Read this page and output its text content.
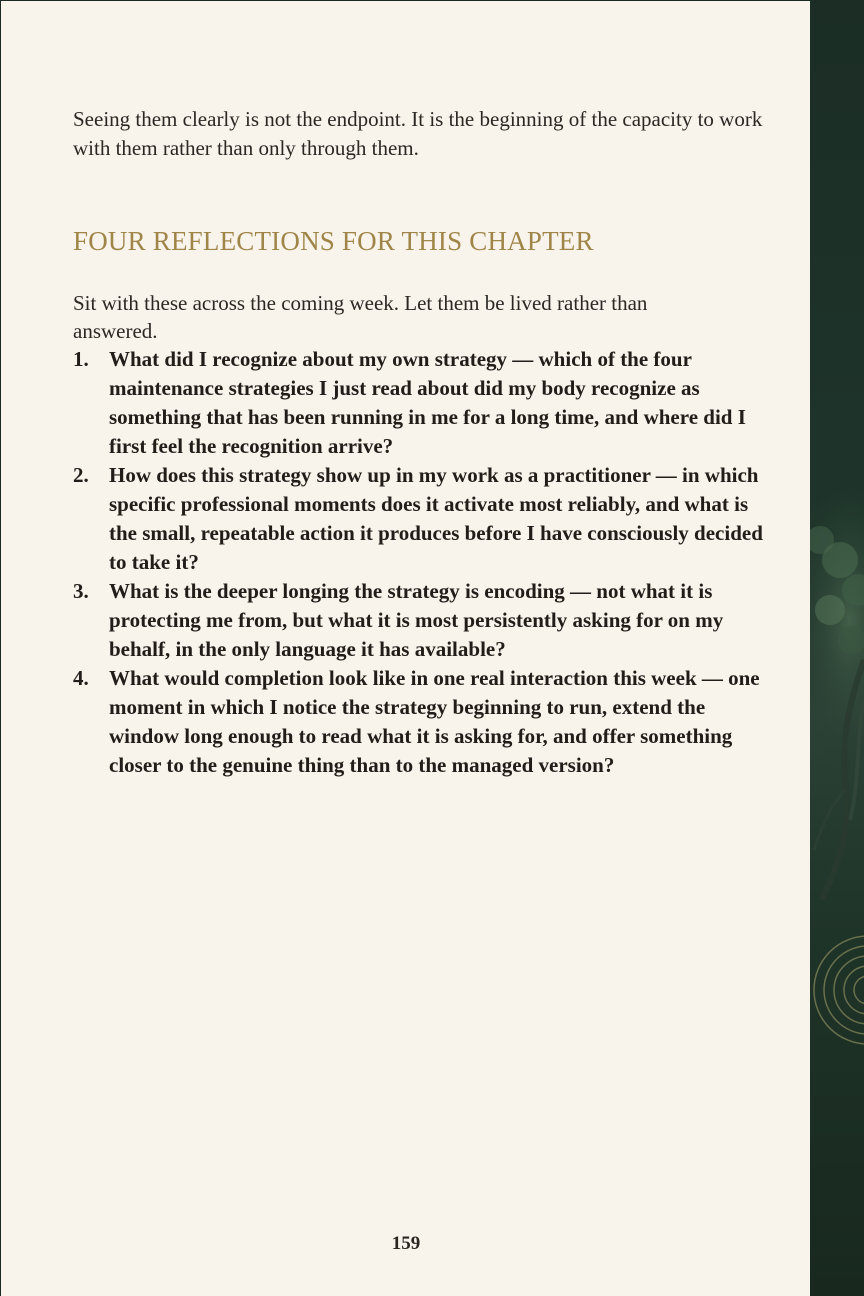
Seeing them clearly is not the endpoint. It is the beginning of the capacity to work with them rather than only through them.

FOUR REFLECTIONS FOR THIS CHAPTER

Sit with these across the coming week. Let them be lived rather than answered.

1. What did I recognize about my own strategy — which of the four maintenance strategies I just read about did my body recognize as something that has been running in me for a long time, and where did I first feel the recognition arrive?
2. How does this strategy show up in my work as a practitioner — in which specific professional moments does it activate most reliably, and what is the small, repeatable action it produces before I have consciously decided to take it?
3. What is the deeper longing the strategy is encoding — not what it is protecting me from, but what it is most persistently asking for on my behalf, in the only language it has available?
4. What would completion look like in one real interaction this week — one moment in which I notice the strategy beginning to run, extend the window long enough to read what it is asking for, and offer something closer to the genuine thing than to the managed version?
159
